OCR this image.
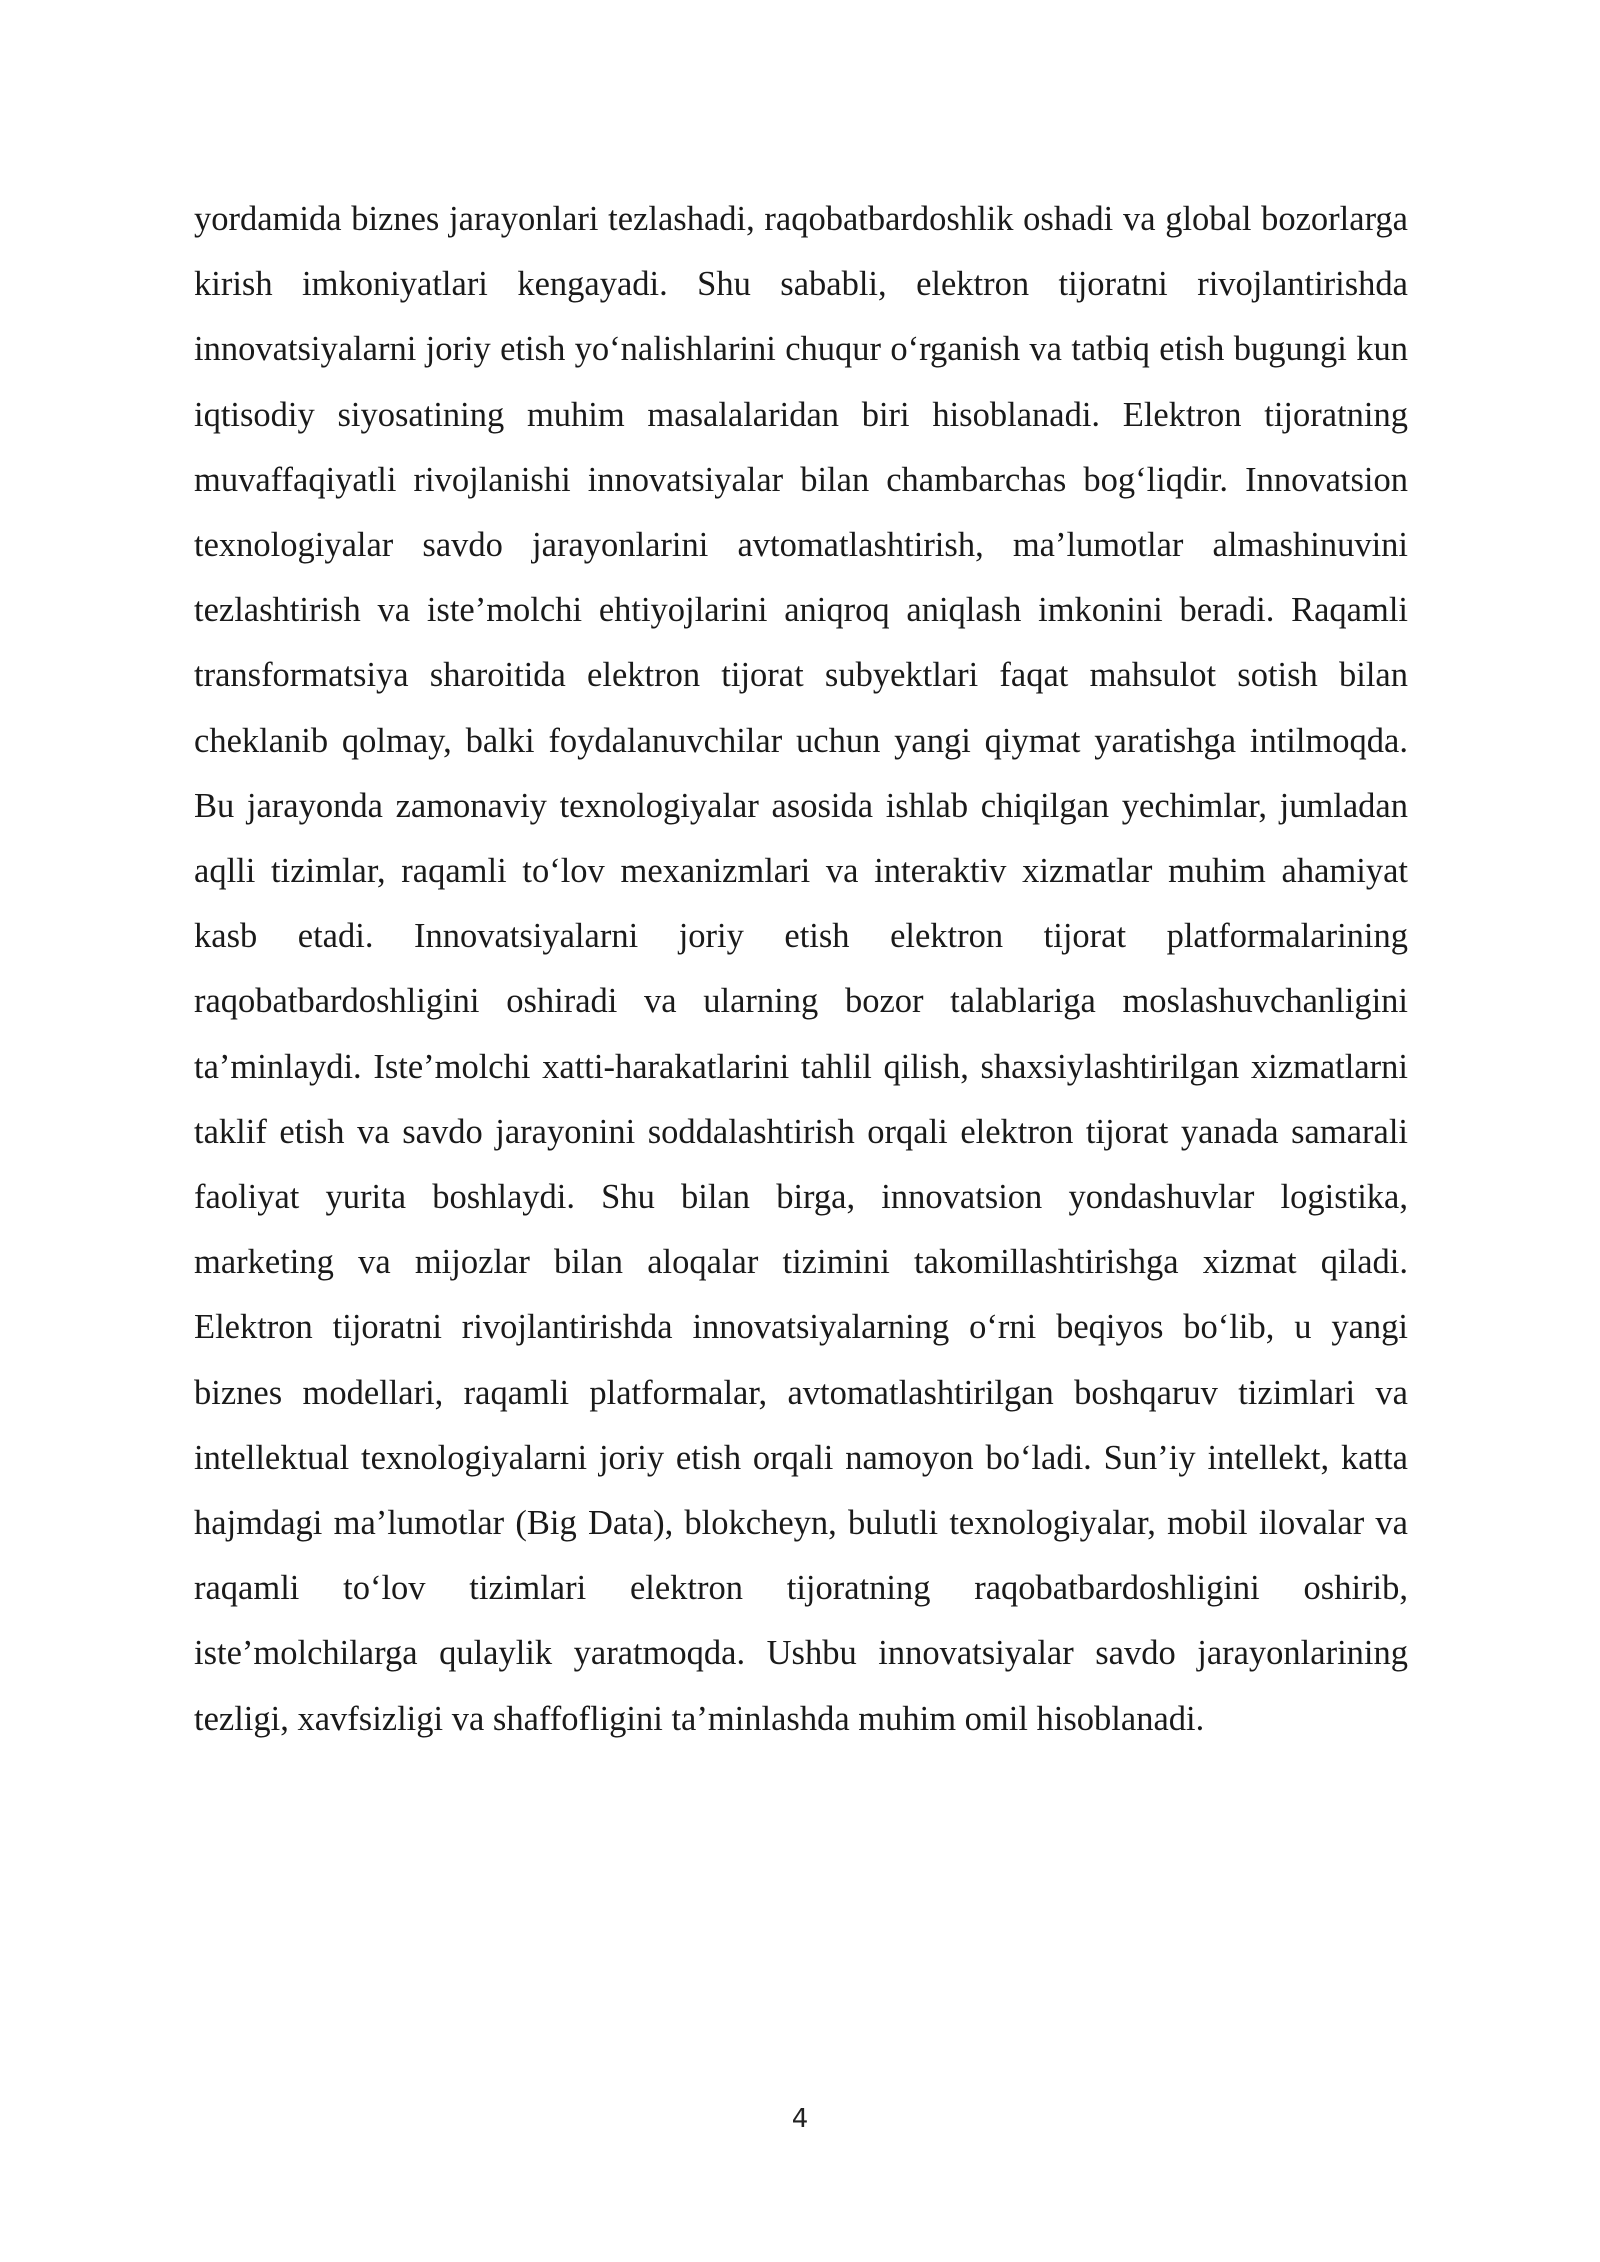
yordamida biznes jarayonlari tezlashadi, raqobatbardoshlik oshadi va global bozorlarga kirish imkoniyatlari kengayadi. Shu sababli, elektron tijoratni rivojlantirishda innovatsiyalarni joriy etish yo‘nalishlarini chuqur o‘rganish va tatbiq etish bugungi kun iqtisodiy siyosatining muhim masalalaridan biri hisoblanadi. Elektron tijoratning muvaffaqiyatli rivojlanishi innovatsiyalar bilan chambarchas bog‘liqdir. Innovatsion texnologiyalar savdo jarayonlarini avtomatlashtirish, ma’lumotlar almashinuvini tezlashtirish va iste’molchi ehtiyojlarini aniqroq aniqlash imkonini beradi. Raqamli transformatsiya sharoitida elektron tijorat subyektlari faqat mahsulot sotish bilan cheklanib qolmay, balki foydalanuvchilar uchun yangi qiymat yaratishga intilmoqda. Bu jarayonda zamonaviy texnologiyalar asosida ishlab chiqilgan yechimlar, jumladan aqlli tizimlar, raqamli to‘lov mexanizmlari va interaktiv xizmatlar muhim ahamiyat kasb etadi. Innovatsiyalarni joriy etish elektron tijorat platformalarining raqobatbardoshligini oshiradi va ularning bozor talablariga moslashuvchanligini ta’minlaydi. Iste’molchi xatti-harakatlarini tahlil qilish, shaxsiylashtirilgan xizmatlarni taklif etish va savdo jarayonini soddalashtirish orqali elektron tijorat yanada samarali faoliyat yurita boshlaydi. Shu bilan birga, innovatsion yondashuvlar logistika, marketing va mijozlar bilan aloqalar tizimini takomillashtirishga xizmat qiladi. Elektron tijoratni rivojlantirishda innovatsiyalarning o‘rni beqiyos bo‘lib, u yangi biznes modellari, raqamli platformalar, avtomatlashtirilgan boshqaruv tizimlari va intellektual texnologiyalarni joriy etish orqali namoyon bo‘ladi. Sun’iy intellekt, katta hajmdagi ma’lumotlar (Big Data), blokcheyn, bulutli texnologiyalar, mobil ilovalar va raqamli to‘lov tizimlari elektron tijoratning raqobatbardoshligini oshirib, iste’molchilarga qulaylik yaratmoqda. Ushbu innovatsiyalar savdo jarayonlarining tezligi, xavfsizligi va shaffofligini ta’minlashda muhim omil hisoblanadi.

4
